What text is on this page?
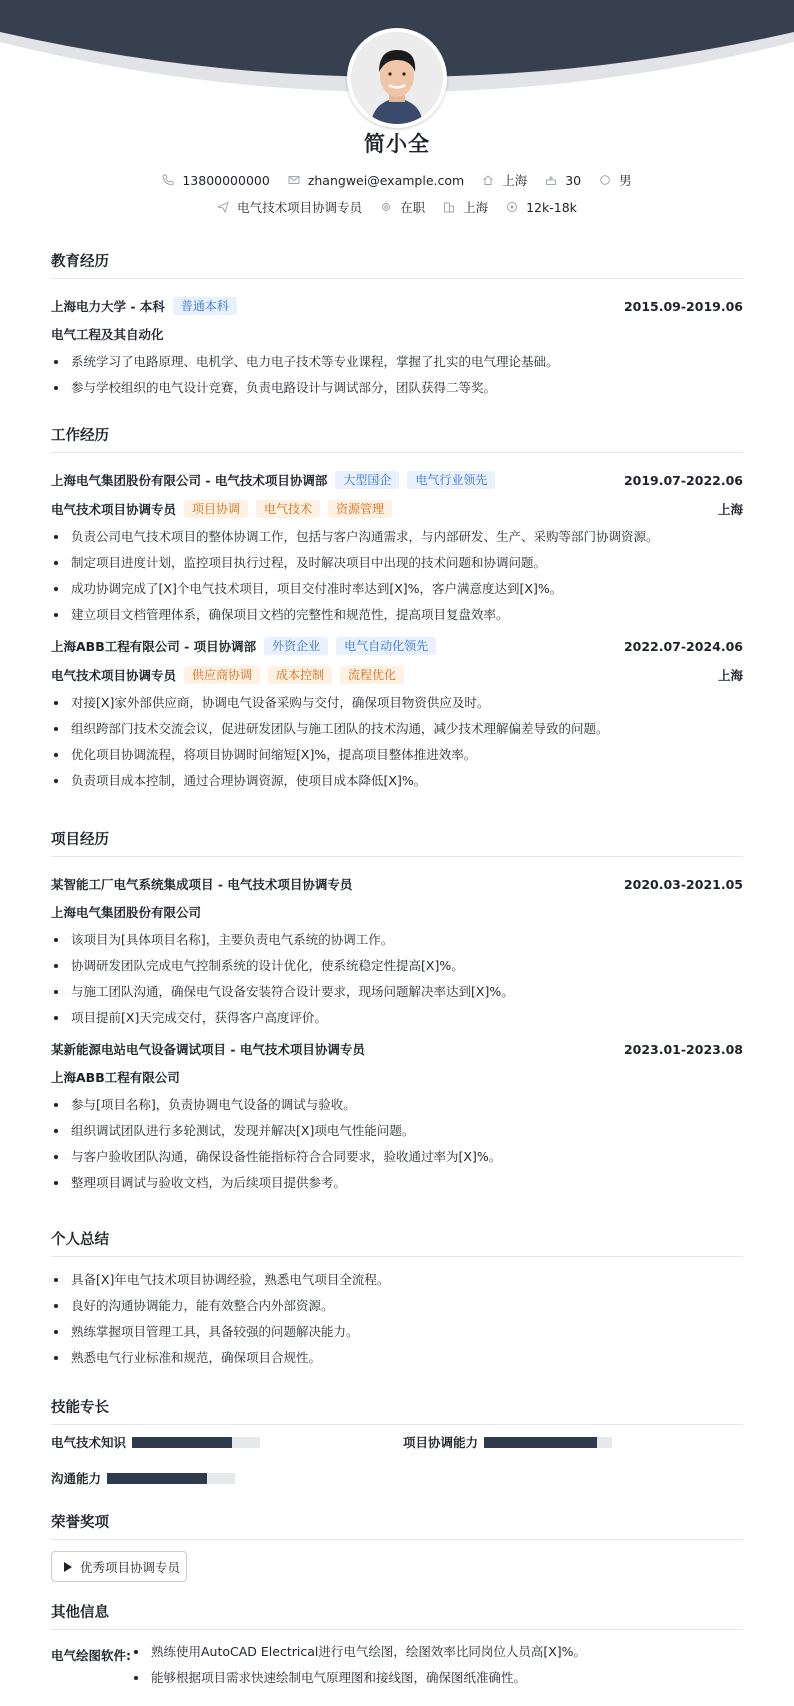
简小全
13800000000	zhangwei@example.com	上海	30	男
电气技术项目协调专员	在职	上海	12k-18k
教育经历
上海电力大学 - 本科	普通本科	2015.09-2019.06
电气工程及其自动化
系统学习了电路原理、电机学、电力电子技术等专业课程，掌握了扎实的电气理论基础。
参与学校组织的电气设计竞赛，负责电路设计与调试部分，团队获得二等奖。
工作经历
上海电气集团股份有限公司 - 电气技术项目协调部	大型国企	电气行业领先	2019.07-2022.06
电气技术项目协调专员	项目协调	电气技术	资源管理	上海
负责公司电气技术项目的整体协调工作，包括与客户沟通需求，与内部研发、生产、采购等部门协调资源。
制定项目进度计划，监控项目执行过程，及时解决项目中出现的技术问题和协调问题。
成功协调完成了[X]个电气技术项目，项目交付准时率达到[X]%，客户满意度达到[X]%。
建立项目文档管理体系，确保项目文档的完整性和规范性，提高项目复盘效率。
上海ABB工程有限公司 - 项目协调部	外资企业	电气自动化领先	2022.07-2024.06
电气技术项目协调专员	供应商协调	成本控制	流程优化	上海
对接[X]家外部供应商，协调电气设备采购与交付，确保项目物资供应及时。
组织跨部门技术交流会议，促进研发团队与施工团队的技术沟通，减少技术理解偏差导致的问题。
优化项目协调流程，将项目协调时间缩短[X]%，提高项目整体推进效率。
负责项目成本控制，通过合理协调资源，使项目成本降低[X]%。
项目经历
某智能工厂电气系统集成项目 - 电气技术项目协调专员	2020.03-2021.05
上海电气集团股份有限公司
该项目为[具体项目名称]，主要负责电气系统的协调工作。
协调研发团队完成电气控制系统的设计优化，使系统稳定性提高[X]%。
与施工团队沟通，确保电气设备安装符合设计要求，现场问题解决率达到[X]%。
项目提前[X]天完成交付，获得客户高度评价。
某新能源电站电气设备调试项目 - 电气技术项目协调专员	2023.01-2023.08
上海ABB工程有限公司
参与[项目名称]，负责协调电气设备的调试与验收。
组织调试团队进行多轮测试，发现并解决[X]项电气性能问题。
与客户验收团队沟通，确保设备性能指标符合合同要求，验收通过率为[X]%。
整理项目调试与验收文档，为后续项目提供参考。
个人总结
具备[X]年电气技术项目协调经验，熟悉电气项目全流程。
良好的沟通协调能力，能有效整合内外部资源。
熟练掌握项目管理工具，具备较强的问题解决能力。
熟悉电气行业标准和规范，确保项目合规性。
技能专长
电气技术知识	项目协调能力
沟通能力
荣誉奖项
优秀项目协调专员
其他信息
电气绘图软件:	熟练使用AutoCAD Electrical进行电气绘图，绘图效率比同岗位人员高[X]%。
能够根据项目需求快速绘制电气原理图和接线图，确保图纸准确性。
